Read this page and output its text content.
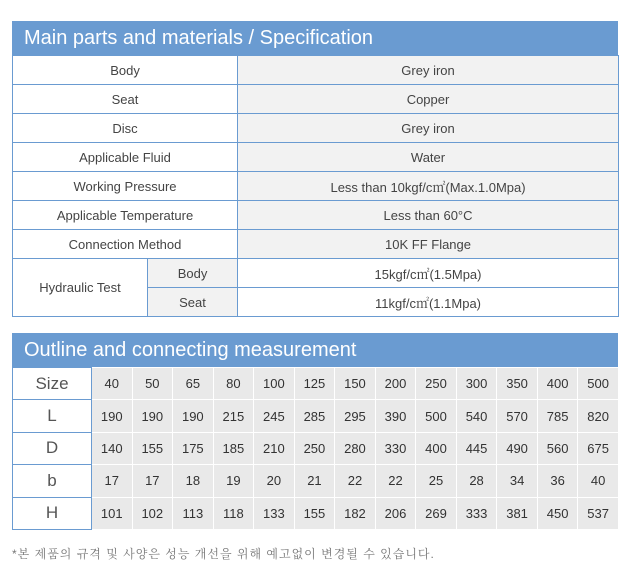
Main parts and materials / Specification
Body		Grey iron
Seat		Copper
Disc		Grey iron
Applicable Fluid		Water
Working Pressure		Less than 10kgf/c㎡(Max.1.0Mpa)
Applicable Temperature		Less than 60°C
Connection Method		10K FF Flange
Hydraulic Test	Body	15kgf/c㎡(1.5Mpa)
	Seat	11kgf/c㎡(1.1Mpa)
Outline and connecting measurement
Size	40	50	65	80	100	125	150	200	250	300	350	400	500
L	190	190	190	215	245	285	295	390	500	540	570	785	820
D	140	155	175	185	210	250	280	330	400	445	490	560	675
b	17	17	18	19	20	21	22	22	25	28	34	36	40
H	101	102	113	118	133	155	182	206	269	333	381	450	537
*본 제품의 규격 및 사양은 성능 개선을 위해 예고없이 변경될 수 있습니다.
